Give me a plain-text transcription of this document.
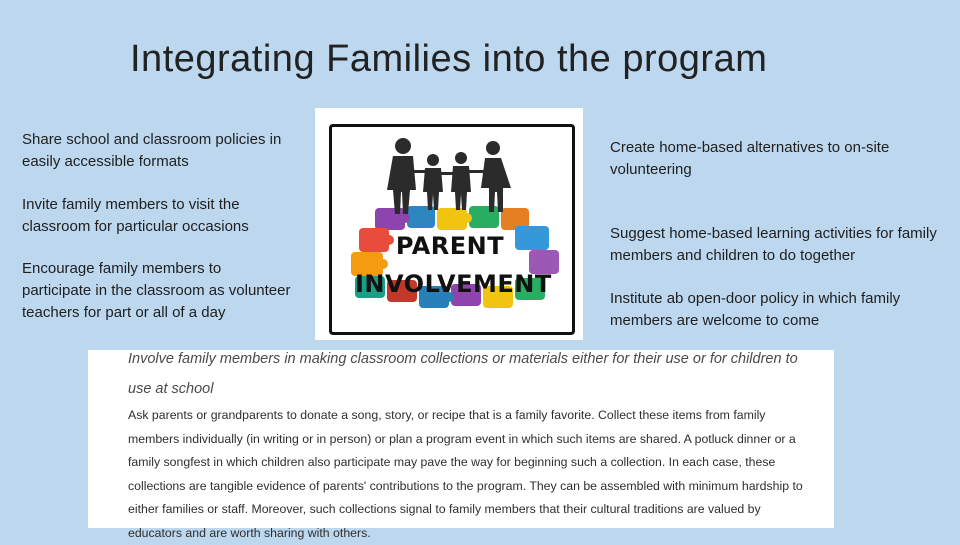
Integrating Families into the program
Share school and classroom policies in easily accessible formats
Invite family members to visit the classroom for particular occasions
Encourage family members to participate in the classroom as volunteer teachers for part or all of a day
Create home-based alternatives to on-site volunteering
Suggest home-based learning activities for family members and children to do together
Institute ab open-door policy in which family members are welcome to come
PARENT
INVOLVEMENT
Involve family members in making classroom collections or materials either for their use or for children to use at school
Ask parents or grandparents to donate a song, story, or recipe that is a family favorite. Collect these items from family members individually (in writing or in person) or plan a program event in which such items are shared. A potluck dinner or a family songfest in which children also participate may pave the way for beginning such a collection. In each case, these collections are tangible evidence of parents' contributions to the program. They can be assembled with minimum hardship to either families or staff. Moreover, such collections signal to family members that their cultural traditions are valued by educators and are worth sharing with others.
